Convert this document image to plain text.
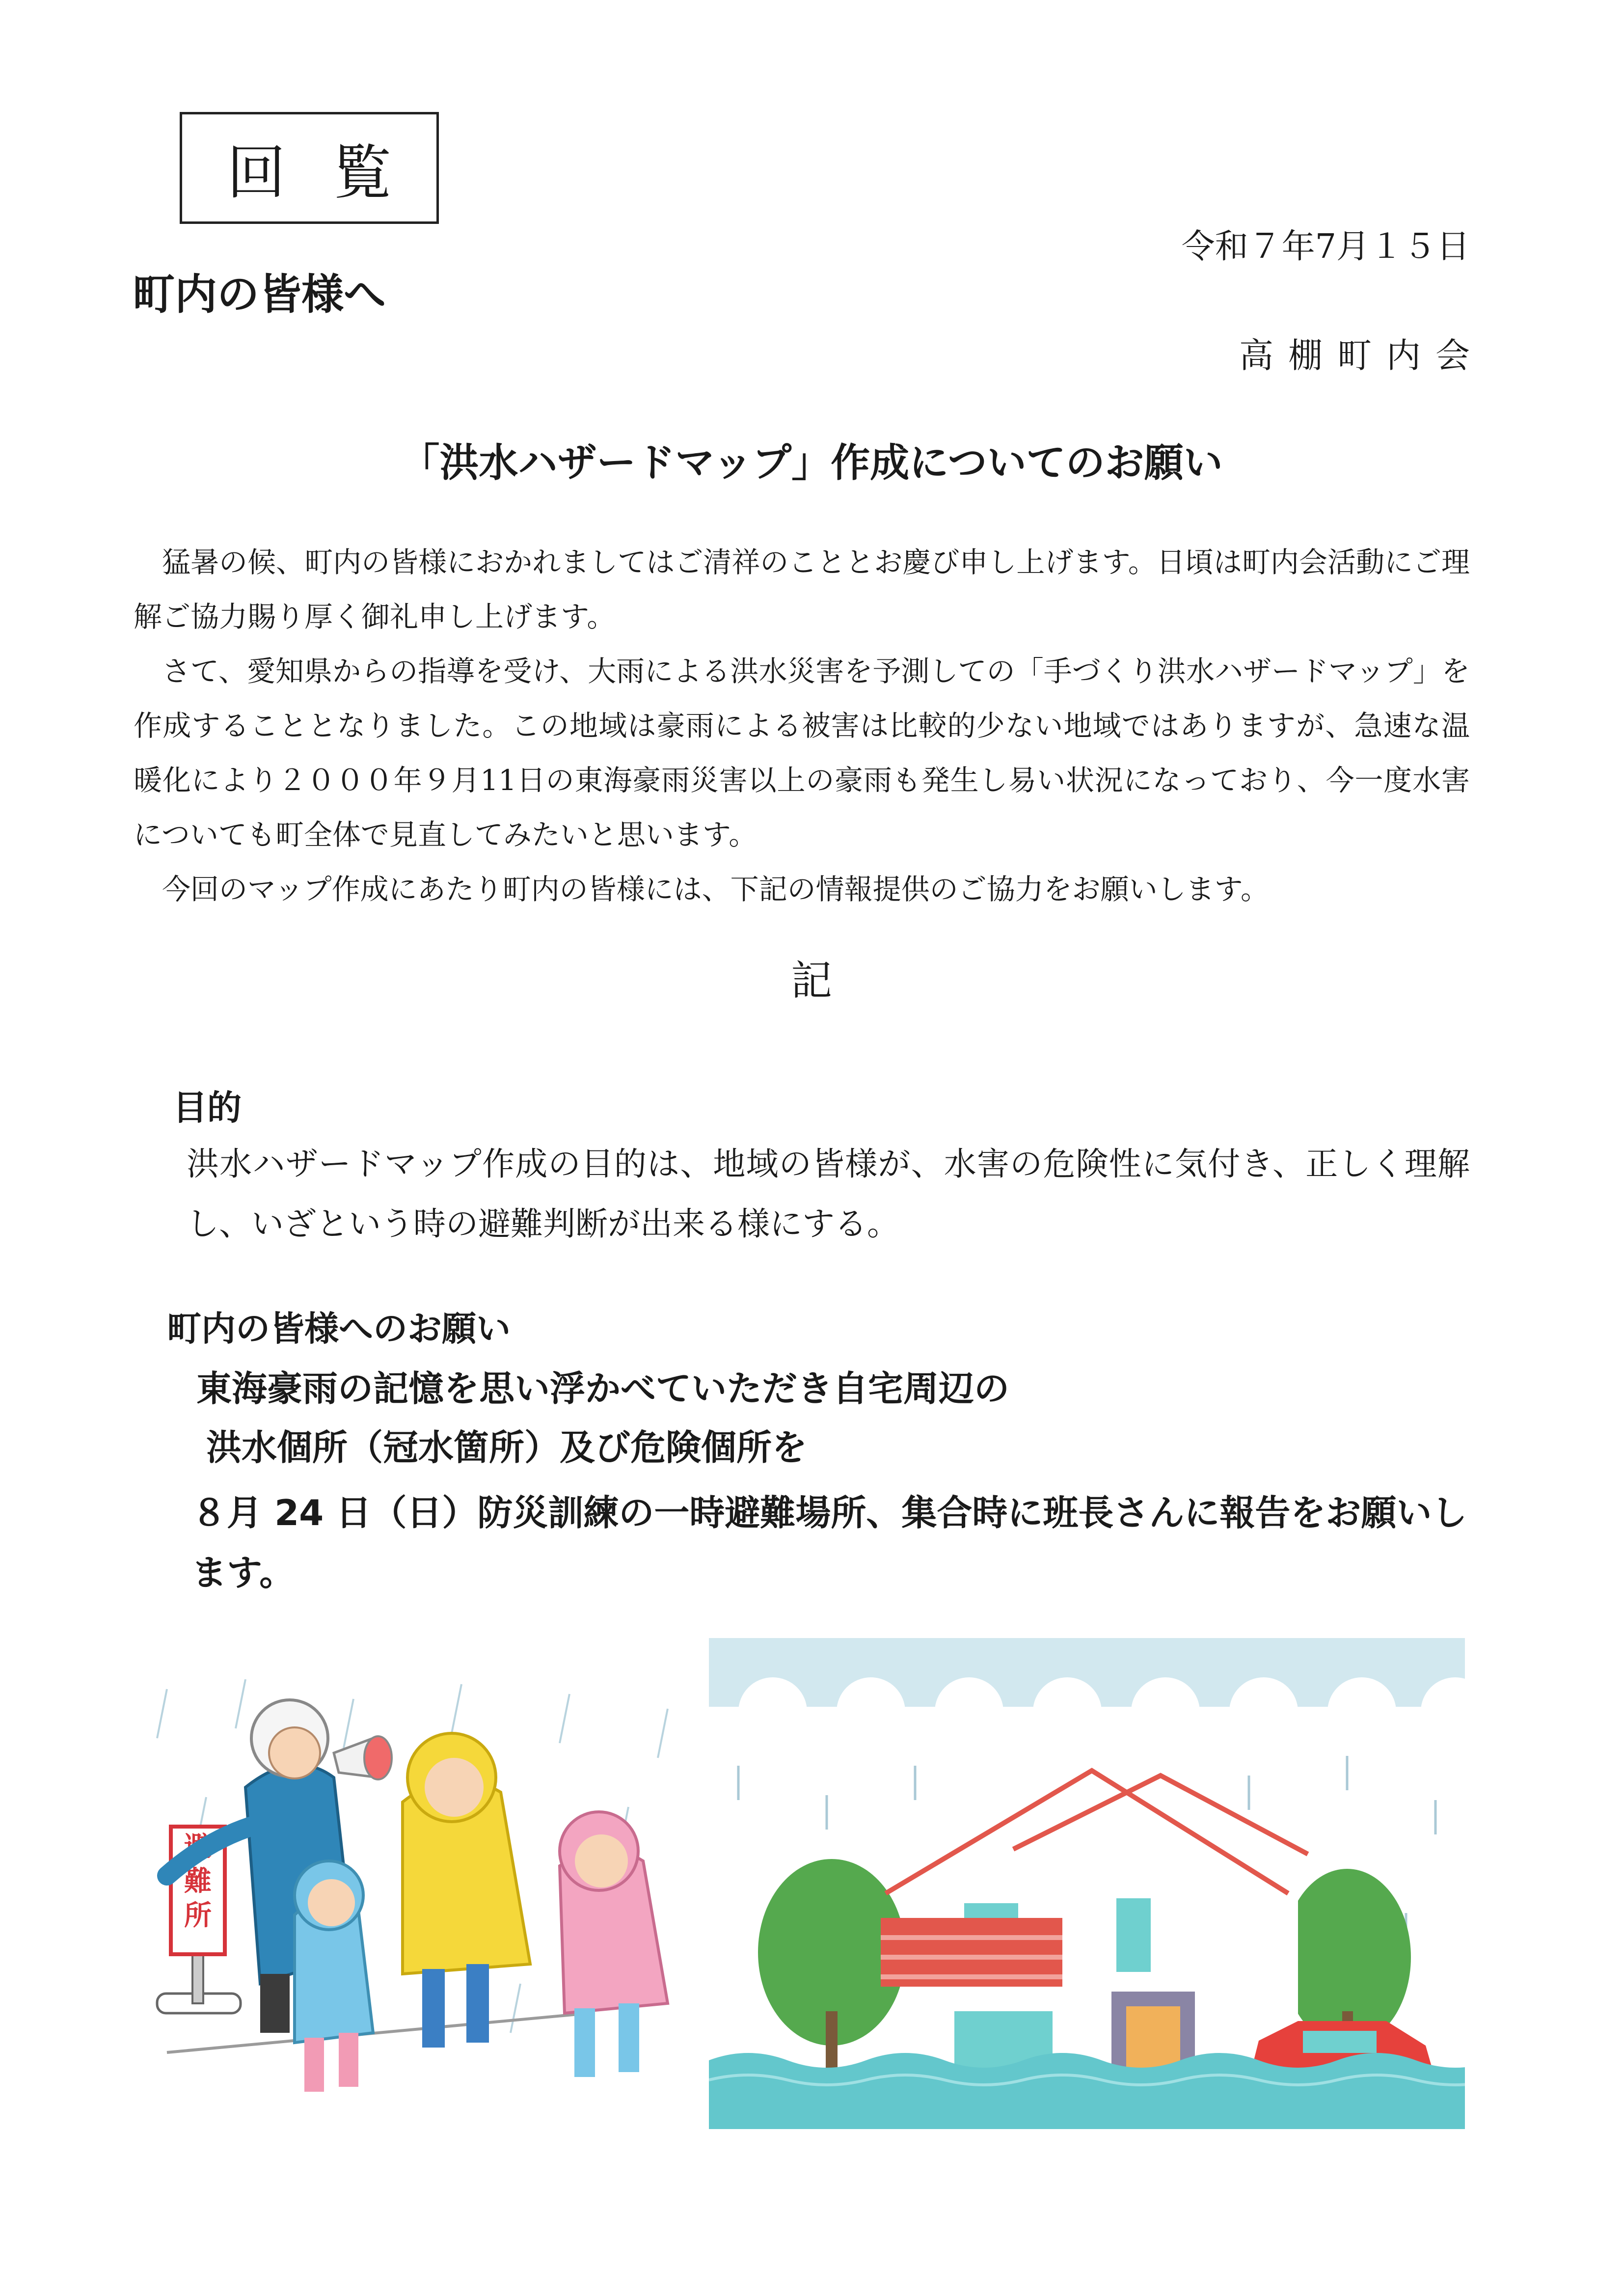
回覧
令和７年7月１５日
町内の皆様へ
高棚町内会
「洪水ハザードマップ」作成についてのお願い

猛暑の候、町内の皆様におかれましてはご清祥のこととお慶び申し上げます。日頃は町内会活動にご理解ご協力賜り厚く御礼申し上げます。

さて、愛知県からの指導を受け、大雨による洪水災害を予測しての「手づくり洪水ハザードマップ」を作成することとなりました。この地域は豪雨による被害は比較的少ない地域ではありますが、急速な温暖化により２０００年９月11日の東海豪雨災害以上の豪雨も発生し易い状況になっており、今一度水害についても町全体で見直してみたいと思います。

今回のマップ作成にあたり町内の皆様には、下記の情報提供のご協力をお願いします。

記
目的
洪水ハザードマップ作成の目的は、地域の皆様が、水害の危険性に気付き、正しく理解し、いざという時の避難判断が出来る様にする。
町内の皆様へのお願い
東海豪雨の記憶を思い浮かべていただき自宅周辺の
洪水個所（冠水箇所）及び危険個所を
８月 24 日（日）防災訓練の一時避難場所、集合時に班長さんに報告をお願いします。
避
難
所
